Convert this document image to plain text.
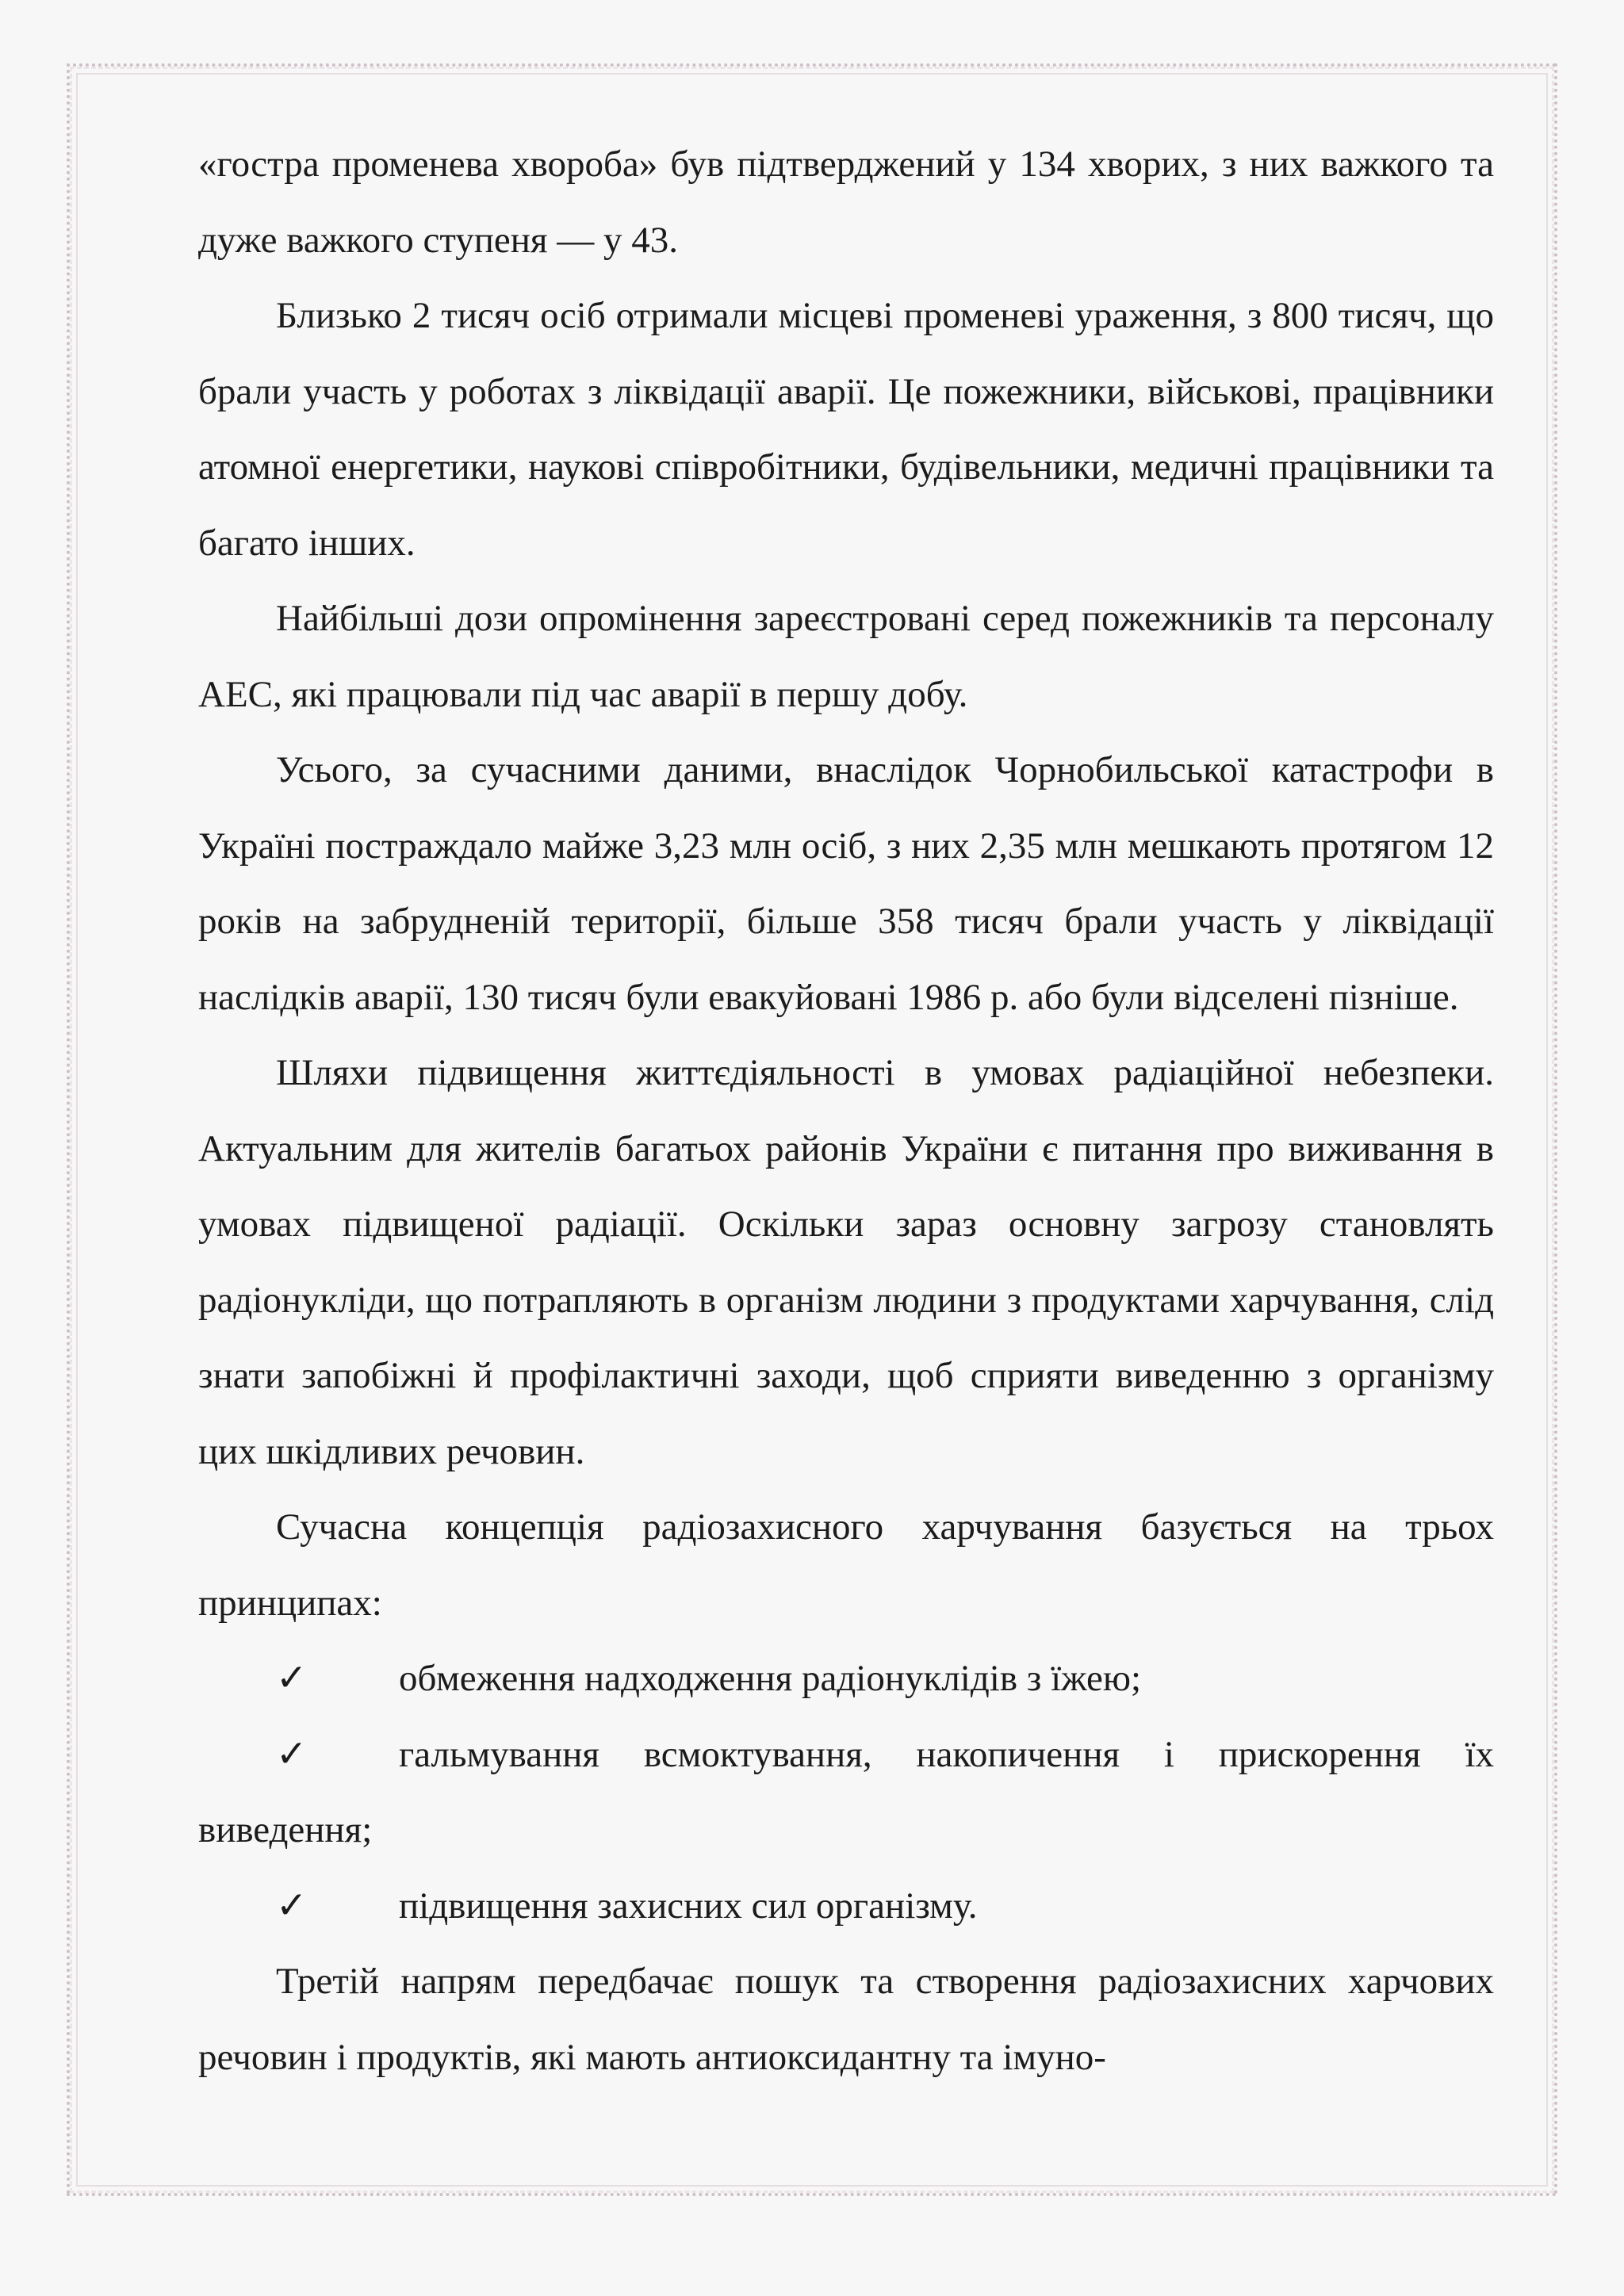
«гостра променева хвороба» був підтверджений у 134 хворих, з них важкого та дуже важкого ступеня — у 43.

Близько 2 тисяч осіб отримали місцеві променеві ураження, з 800 тисяч, що брали участь у роботах з ліквідації аварії. Це пожежники, військові, працівники атомної енергетики, наукові співробітники, будівельники, медичні працівники та багато інших.

Найбільші дози опромінення зареєстровані серед пожежників та персоналу АЕС, які працювали під час аварії в першу добу.

Усього, за сучасними даними, внаслідок Чорнобильської катастрофи в Україні постраждало майже 3,23 млн осіб, з них 2,35 млн мешкають протягом 12 років на забрудненій території, більше 358 тисяч брали участь у ліквідації наслідків аварії, 130 тисяч були евакуйовані 1986 р. або були відселені пізніше.

Шляхи підвищення життєдіяльності в умовах радіаційної небезпеки. Актуальним для жителів багатьох районів України є питання про виживання в умовах підвищеної радіації. Оскільки зараз основну загрозу становлять радіонукліди, що потрапляють в організм людини з продуктами харчування, слід знати запобіжні й профілактичні заходи, щоб сприяти виведенню з організму цих шкідливих речовин.

Сучасна концепція радіозахисного харчування базується на трьох принципах:

✓ обмеження надходження радіонуклідів з їжею;

✓ гальмування всмоктування, накопичення і прискорення їх виведення;

✓ підвищення захисних сил організму.

Третій напрям передбачає пошук та створення радіозахисних харчових речовин і продуктів, які мають антиоксидантну та імуно-
